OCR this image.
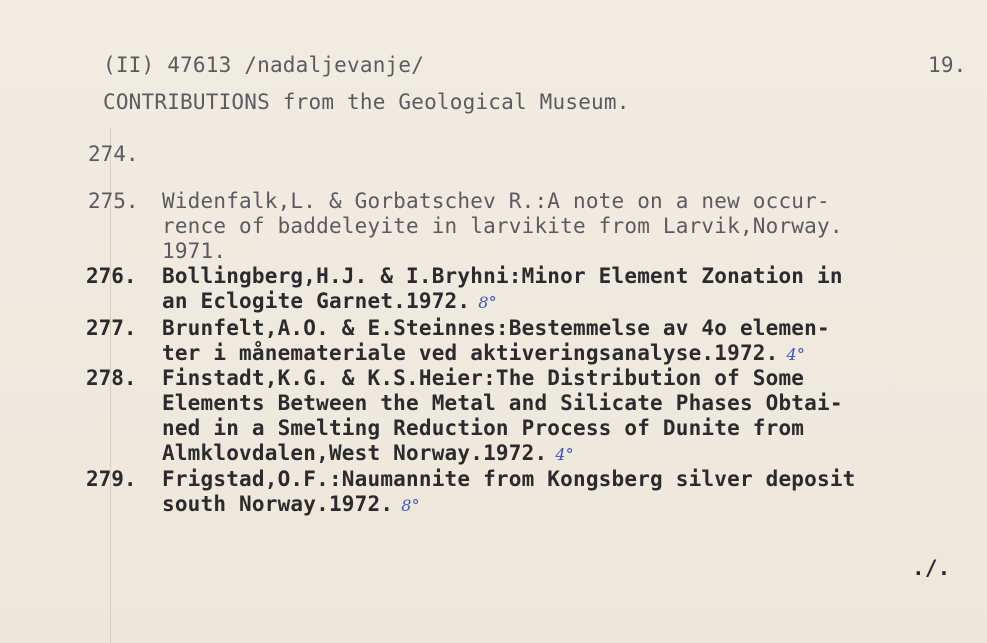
(II) 47613 /nadaljevanje/	19.
CONTRIBUTIONS from the Geological Museum.
274.
275. Widenfalk,L. & Gorbatschev R.:A note on a new occur-
rence of baddeleyite in larvikite from Larvik,Norway.
1971.
276. Bollingberg,H.J. & I.Bryhni:Minor Element Zonation in
an Eclogite Garnet.1972. 8°
277. Brunfelt,A.O. & E.Steinnes:Bestemmelse av 4o elemen-
ter i månemateriale ved aktiveringsanalyse.1972. 4°
278. Finstadt,K.G. & K.S.Heier:The Distribution of Some
Elements Between the Metal and Silicate Phases Obtai-
ned in a Smelting Reduction Process of Dunite from
Almklovdalen,West Norway.1972. 4°
279. Frigstad,O.F.:Naumannite from Kongsberg silver deposit
south Norway.1972. 8°
./.
